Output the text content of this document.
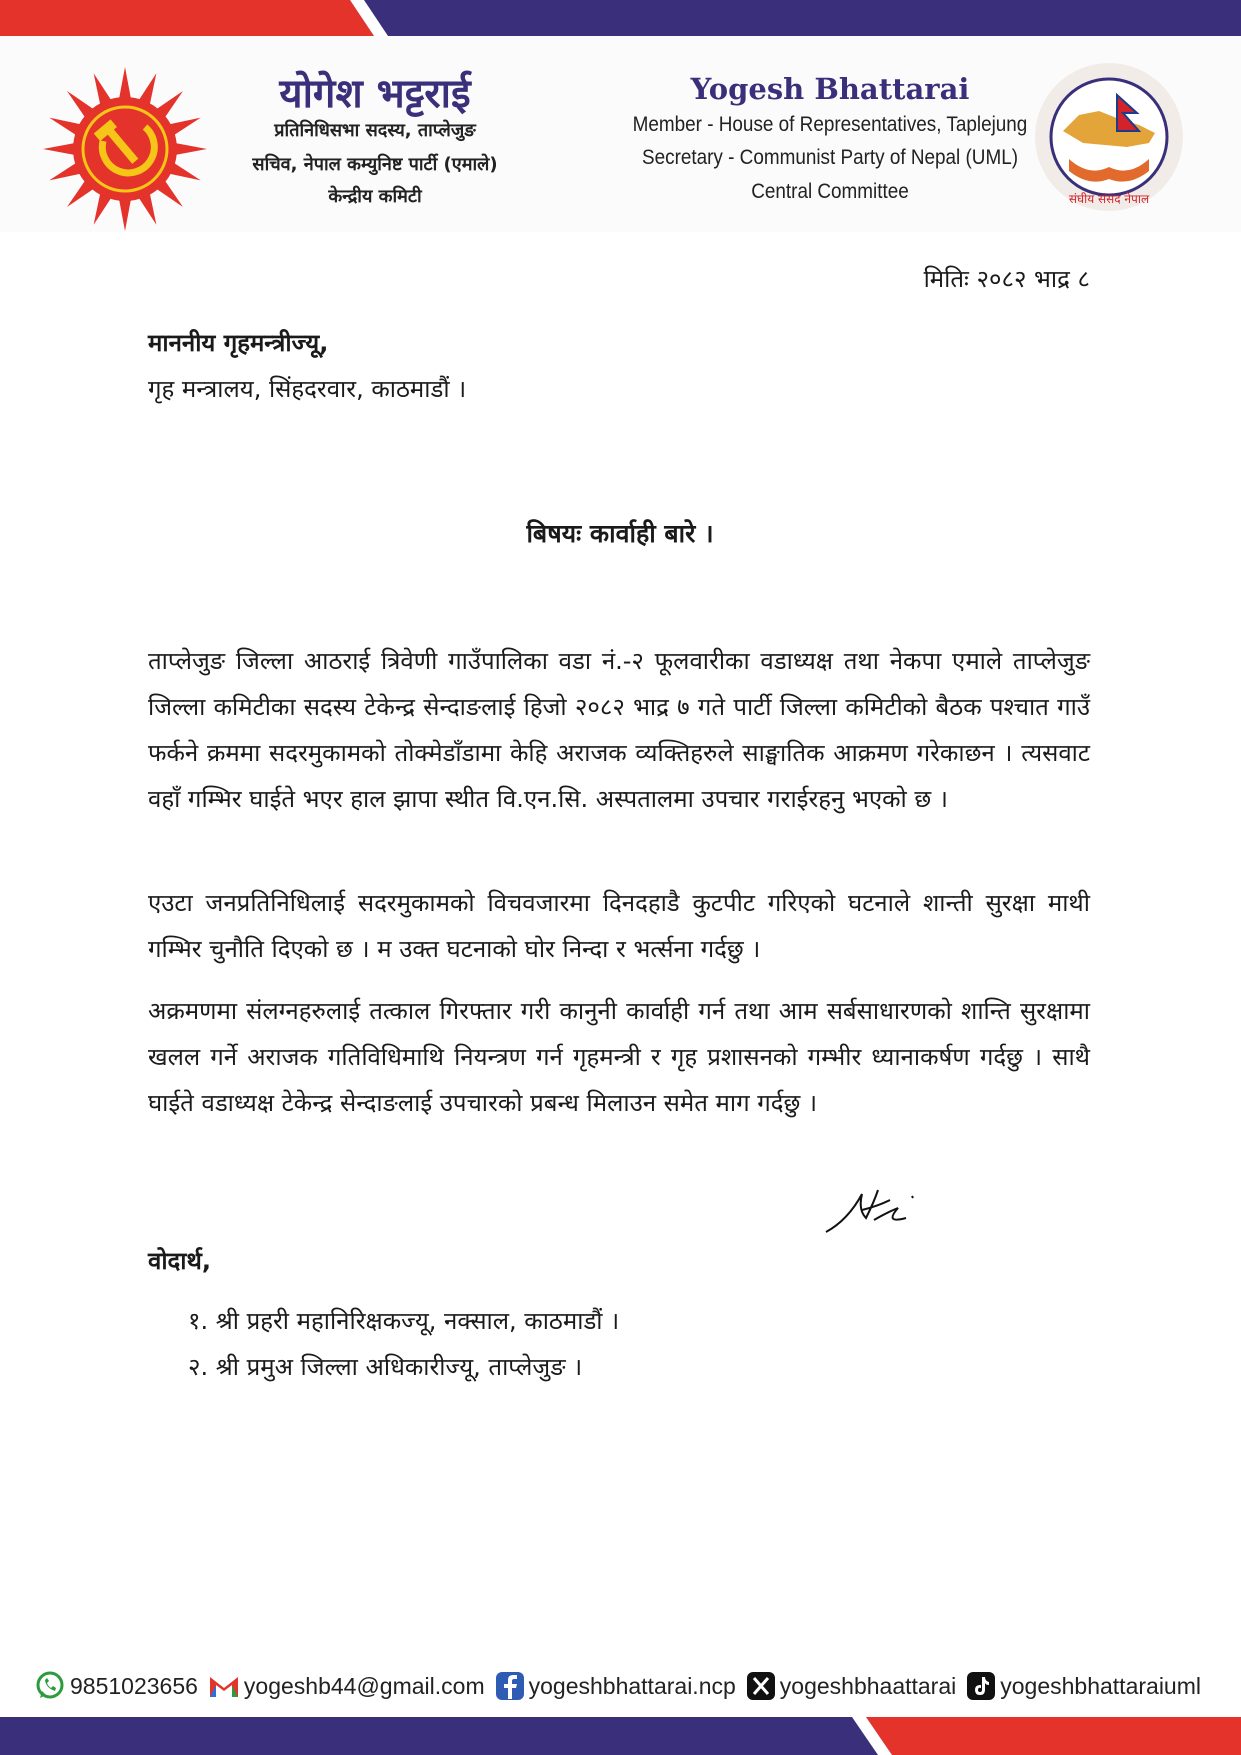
योगेश भट्टराई
प्रतिनिधिसभा सदस्य, ताप्लेजुङ
सचिव, नेपाल कम्युनिष्ट पार्टी (एमाले)
केन्द्रीय कमिटी
Yogesh Bhattarai
Member - House of Representatives, Taplejung
Secretary - Communist Party of Nepal (UML)
Central Committee	संघीय संसद नेपाल
मितिः २०८२ भाद्र ८
माननीय गृहमन्त्रीज्यू,
गृह मन्त्रालय, सिंहदरवार, काठमाडौं ।
बिषयः कार्वाही बारे ।
ताप्लेजुङ जिल्ला आठराई त्रिवेणी गाउँपालिका वडा नं.-२ फूलवारीका वडाध्यक्ष तथा नेकपा एमाले ताप्लेजुङ जिल्ला कमिटीका सदस्य टेकेन्द्र सेन्दाङलाई हिजो २०८२ भाद्र ७ गते पार्टी जिल्ला कमिटीको बैठक पश्चात गाउँ फर्कने क्रममा सदरमुकामको तोक्मेडाँडामा केहि अराजक व्यक्तिहरुले साङ्घातिक आक्रमण गरेकाछन । त्यसवाट वहाँ गम्भिर घाईते भएर हाल झापा स्थीत वि.एन.सि. अस्पतालमा उपचार गराईरहनु भएको छ ।
एउटा जनप्रतिनिधिलाई सदरमुकामको विचवजारमा दिनदहाडै कुटपीट गरिएको घटनाले शान्ती सुरक्षा माथी गम्भिर चुनौति दिएको छ । म उक्त घटनाको घोर निन्दा र भर्त्सना गर्दछु ।
अक्रमणमा संलग्नहरुलाई तत्काल गिरफ्तार गरी कानुनी कार्वाही गर्न तथा आम सर्बसाधारणको शान्ति सुरक्षामा खलल गर्ने अराजक गतिविधिमाथि नियन्त्रण गर्न गृहमन्त्री र गृह प्रशासनको गम्भीर ध्यानाकर्षण गर्दछु । साथै घाईते वडाध्यक्ष टेकेन्द्र सेन्दाङलाई उपचारको प्रबन्ध मिलाउन समेत माग गर्दछु ।
वोदार्थ,
१. श्री प्रहरी महानिरिक्षकज्यू, नक्साल, काठमाडौं ।
२. श्री प्रमुअ जिल्ला अधिकारीज्यू, ताप्लेजुङ ।
9851023656 yogeshb44@gmail.com yogeshbhattarai.ncp yogeshbhaattarai yogeshbhattaraiuml
